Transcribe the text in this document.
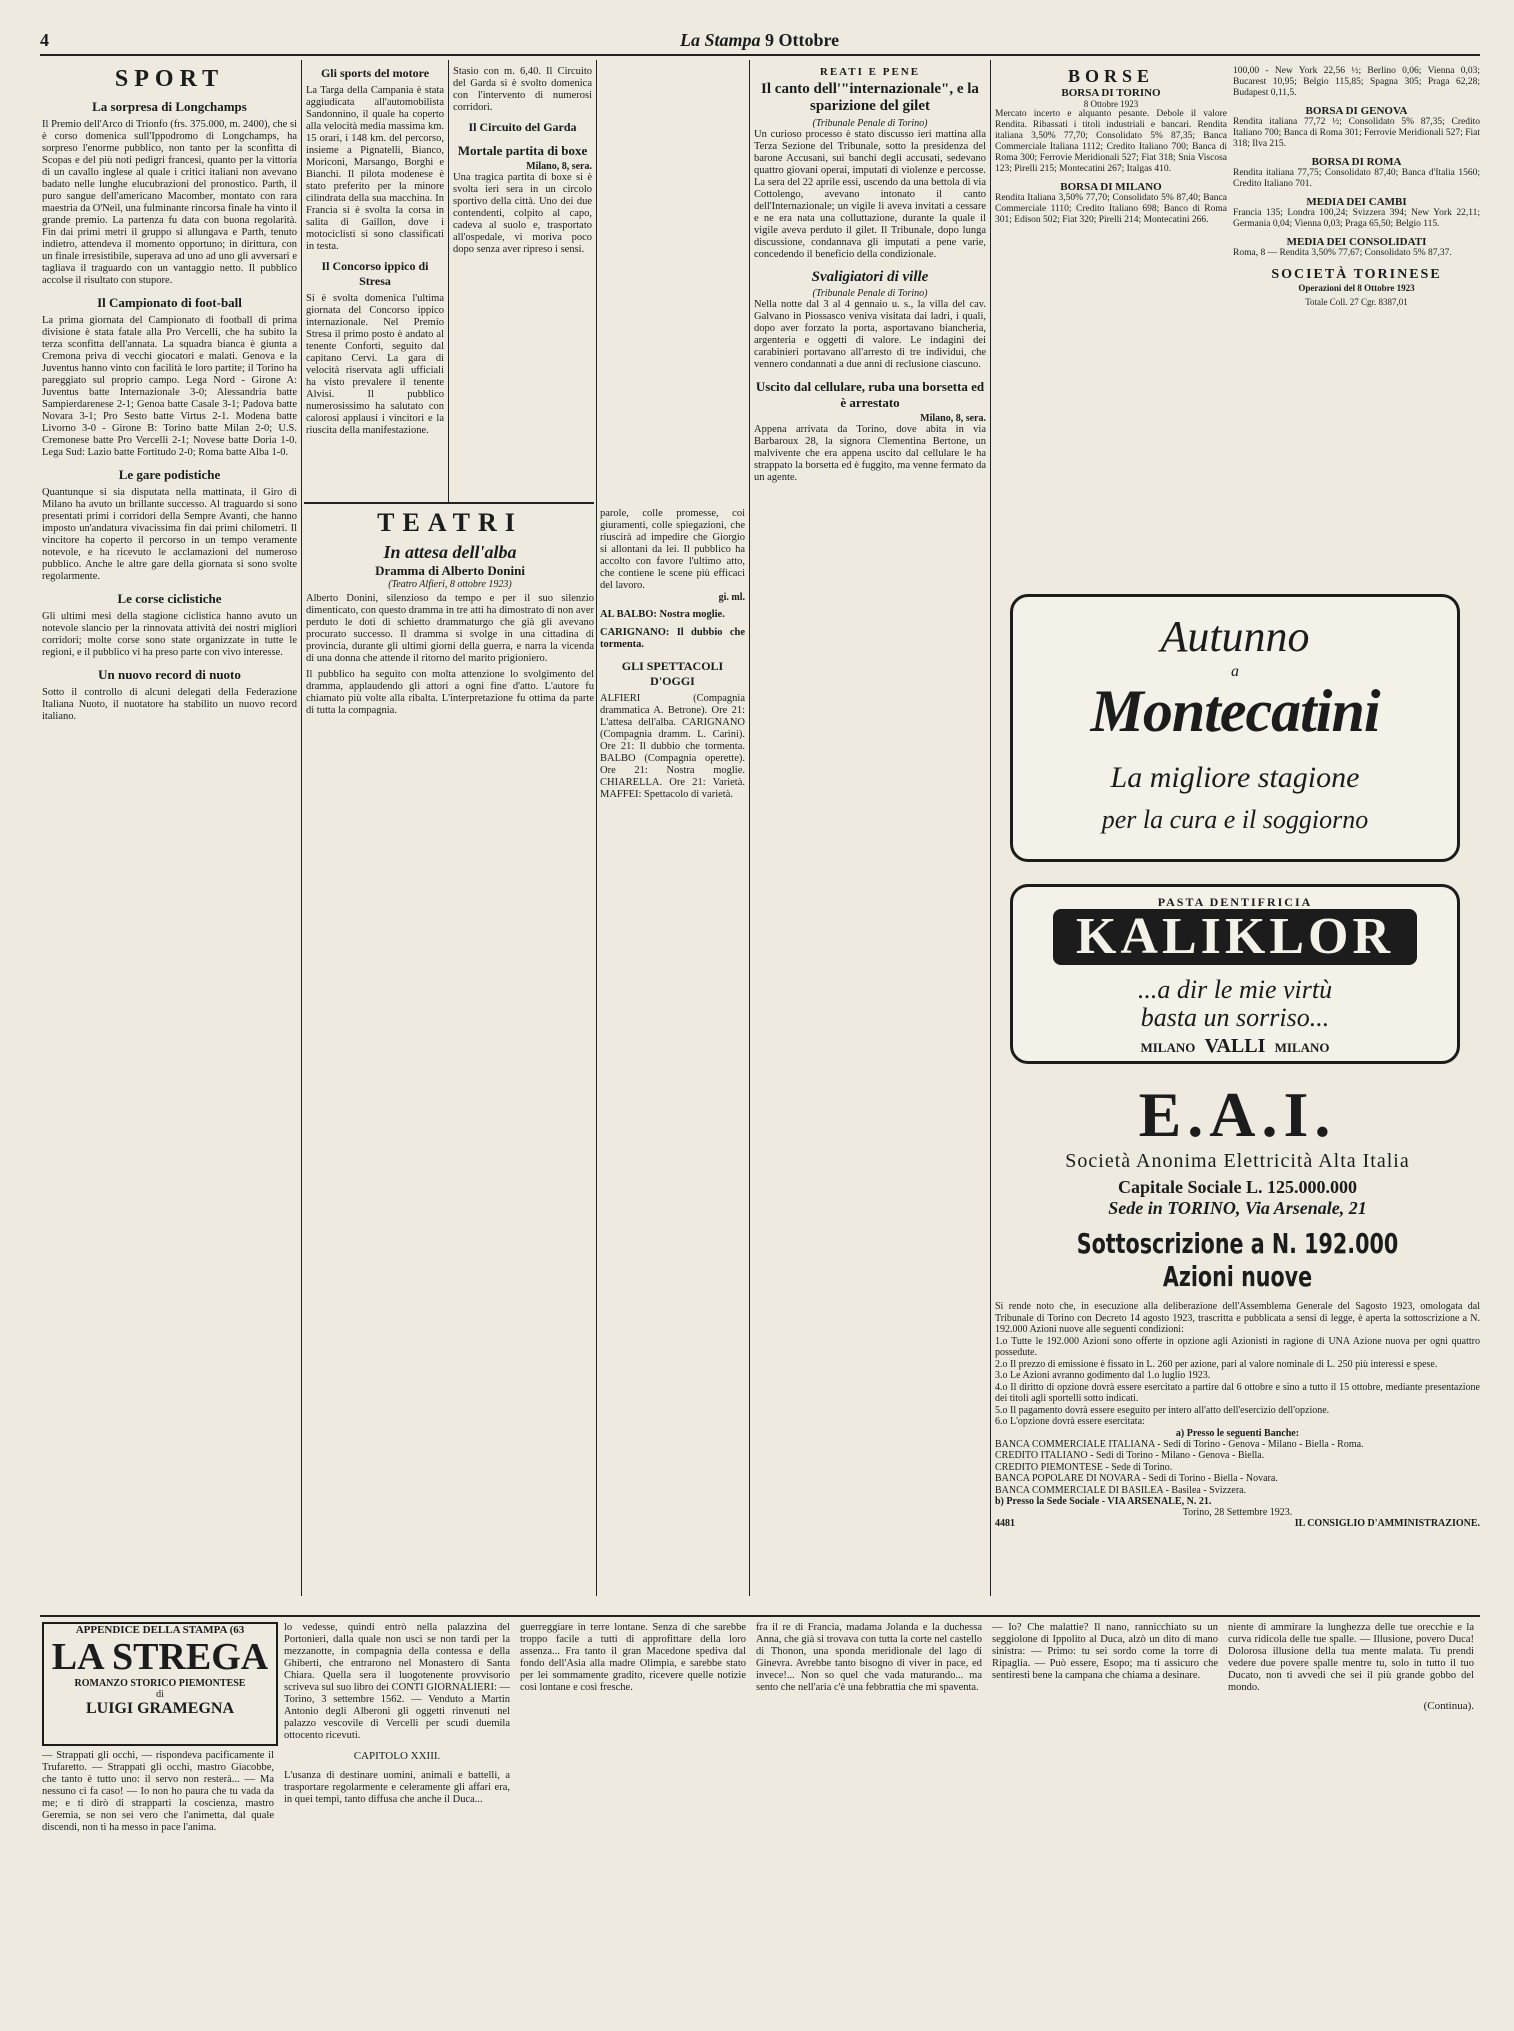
4	La Stampa 9 Ottobre
SPORT
La sorpresa di Longchamps
Il Premio dell'Arco di Trionfo (frs. 375.000, m. 2400), che si è corso domenica sull'Ippodromo di Longchamps, ha sorpreso l'enorme pubblico, non tanto per la sconfitta di Scopas e del più noti pedigri francesi, quanto per la vittoria di un cavallo inglese al quale i critici italiani non avevano badato nelle lunghe elucubrazioni del pronostico. Parth, il puro sangue dell'americano Macomber, montato con rara maestria da O'Neil, una fulminante rincorsa finale ha vinto il grande premio. La partenza fu data con buona regolarità. Fin dai primi metri il gruppo si allungava e Parth, tenuto indietro, attendeva il momento opportuno; in dirittura, con un finale irresistibile, superava ad uno ad uno gli avversari e tagliava il traguardo con un vantaggio netto. Il pubblico accolse il risultato con stupore.
Il Campionato di foot-ball
La prima giornata del Campionato di football di prima divisione è stata fatale alla Pro Vercelli, che ha subito la terza sconfitta dell'annata. La squadra bianca è giunta a Cremona priva di vecchi giocatori e malati. Genova e la Juventus hanno vinto con facilità le loro partite; il Torino ha pareggiato sul proprio campo. Lega Nord - Girone A: Juventus batte Internazionale 3-0; Alessandria batte Sampierdarenese 2-1; Genoa batte Casale 3-1; Padova batte Novara 3-1; Pro Sesto batte Virtus 2-1. Modena batte Livorno 3-0 - Girone B: Torino batte Milan 2-0; U.S. Cremonese batte Pro Vercelli 2-1; Novese batte Doria 1-0. Lega Sud: Lazio batte Fortitudo 2-0; Roma batte Alba 1-0.
Le gare podistiche
Quantunque si sia disputata nella mattinata, il Giro di Milano ha avuto un brillante successo. Al traguardo si sono presentati primi i corridori della Sempre Avanti, che hanno imposto un'andatura vivacissima fin dai primi chilometri. Il vincitore ha coperto il percorso in un tempo veramente notevole, e ha ricevuto le acclamazioni del numeroso pubblico. Anche le altre gare della giornata si sono svolte regolarmente.
Le corse ciclistiche
Gli ultimi mesi della stagione ciclistica hanno avuto un notevole slancio per la rinnovata attività dei nostri migliori corridori; molte corse sono state organizzate in tutte le regioni, e il pubblico vi ha preso parte con vivo interesse.
Un nuovo record di nuoto
Sotto il controllo di alcuni delegati della Federazione Italiana Nuoto, il nuotatore ha stabilito un nuovo record italiano.
Gli sports del motore
La Targa della Campania è stata aggiudicata all'automobilista Sandonnino, il quale ha coperto alla velocità media massima km. 15 orari, i 148 km. del percorso, insieme a Pignatelli, Bianco, Moriconi, Marsango, Borghi e Bianchi. Il pilota modenese è stato preferito per la minore cilindrata della sua macchina. In Francia si è svolta la corsa in salita di Gaillon, dove i motociclisti si sono classificati in testa.
Il Concorso ippico di Stresa
Si è svolta domenica l'ultima giornata del Concorso ippico internazionale. Nel Premio Stresa il primo posto è andato al tenente Conforti, seguito dal capitano Cervi. La gara di velocità riservata agli ufficiali ha visto prevalere il tenente Alvisi. Il pubblico numerosissimo ha salutato con calorosi applausi i vincitori e la riuscita della manifestazione.
Stasio con m. 6,40. Il Circuito del Garda si è svolto domenica con l'intervento di numerosi corridori.
Il Circuito del Garda
Mortale partita di boxe
Milano, 8, sera.
Una tragica partita di boxe si è svolta ieri sera in un circolo sportivo della città. Uno dei due contendenti, colpito al capo, cadeva al suolo e, trasportato all'ospedale, vi moriva poco dopo senza aver ripreso i sensi.
TEATRI
In attesa dell'alba
Dramma di Alberto Donini
(Teatro Alfieri, 8 ottobre 1923)
Alberto Donini, silenzioso da tempo e per il suo silenzio dimenticato, con questo dramma in tre atti ha dimostrato di non aver perduto le doti di schietto drammaturgo che già gli avevano procurato successo. Il dramma si svolge in una cittadina di provincia, durante gli ultimi giorni della guerra, e narra la vicenda di una donna che attende il ritorno del marito prigioniero.
Il pubblico ha seguito con molta attenzione lo svolgimento del dramma, applaudendo gli attori a ogni fine d'atto. L'autore fu chiamato più volte alla ribalta. L'interpretazione fu ottima da parte di tutta la compagnia.
parole, colle promesse, coi giuramenti, colle spiegazioni, che riuscirà ad impedire che Giorgio si allontani da lei. Il pubblico ha accolto con favore l'ultimo atto, che contiene le scene più efficaci del lavoro.
gi. ml.
AL BALBO: Nostra moglie.
CARIGNANO: Il dubbio che tormenta.
GLI SPETTACOLI D'OGGI
ALFIERI (Compagnia drammatica A. Betrone). Ore 21: L'attesa dell'alba. CARIGNANO (Compagnia dramm. L. Carini). Ore 21: Il dubbio che tormenta. BALBO (Compagnia operette). Ore 21: Nostra moglie. CHIARELLA. Ore 21: Varietà. MAFFEI: Spettacolo di varietà.
REATI E PENE
Il canto dell'"internazionale", e la sparizione del gilet
(Tribunale Penale di Torino)
Un curioso processo è stato discusso ieri mattina alla Terza Sezione del Tribunale, sotto la presidenza del barone Accusani, sui banchi degli accusati, sedevano quattro giovani operai, imputati di violenze e percosse. La sera del 22 aprile essi, uscendo da una bettola di via Cottolengo, avevano intonato il canto dell'Internazionale; un vigile li aveva invitati a cessare e ne era nata una colluttazione, durante la quale il vigile aveva perduto il gilet. Il Tribunale, dopo lunga discussione, condannava gli imputati a pene varie, concedendo il beneficio della condizionale.
Svaligiatori di ville
(Tribunale Penale di Torino)
Nella notte dal 3 al 4 gennaio u. s., la villa del cav. Galvano in Piossasco veniva visitata dai ladri, i quali, dopo aver forzato la porta, asportavano biancheria, argenteria e oggetti di valore. Le indagini dei carabinieri portavano all'arresto di tre individui, che vennero condannati a due anni di reclusione ciascuno.
Uscito dal cellulare, ruba una borsetta ed è arrestato
Milano, 8, sera.
Appena arrivata da Torino, dove abita in via Barbaroux 28, la signora Clementina Bertone, un malvivente che era appena uscito dal cellulare le ha strappato la borsetta ed è fuggito, ma venne fermato da un agente.
BORSE
BORSA DI TORINO
8 Ottobre 1923
Mercato incerto e alquanto pesante. Debole il valore Rendita. Ribassati i titoli industriali e bancari. Rendita italiana 3,50% 77,70; Consolidato 5% 87,35; Banca Commerciale Italiana 1112; Credito Italiano 700; Banca di Roma 300; Ferrovie Meridionali 527; Fiat 318; Snia Viscosa 123; Pirelli 215; Montecatini 267; Italgas 410.
BORSA DI MILANO
Rendita Italiana 3,50% 77,70; Consolidato 5% 87,40; Banca Commerciale 1110; Credito Italiano 698; Banco di Roma 301; Edison 502; Fiat 320; Pirelli 214; Montecatini 266.
100,00 - New York 22,56 ½; Berlino 0,06; Vienna 0,03; Bucarest 10,95; Belgio 115,85; Spagna 305; Praga 62,28; Budapest 0,11,5.
BORSA DI GENOVA
Rendita italiana 77,72 ½; Consolidato 5% 87,35; Credito Italiano 700; Banca di Roma 301; Ferrovie Meridionali 527; Fiat 318; Ilva 215.
BORSA DI ROMA
Rendita italiana 77,75; Consolidato 87,40; Banca d'Italia 1560; Credito Italiano 701.
MEDIA DEI CAMBI
Francia 135; Londra 100,24; Svizzera 394; New York 22,11; Germania 0,04; Vienna 0,03; Praga 65,50; Belgio 115.
MEDIA DEI CONSOLIDATI
Roma, 8 — Rendita 3,50% 77,67; Consolidato 5% 87,37.
SOCIETÀ TORINESE
Operazioni del 8 Ottobre 1923
Totale Coll. 27 Cgr. 8387,01
Autunno
a
Montecatini
La migliore stagione
per la cura e il soggiorno
PASTA DENTIFRICIA
KALIKLOR
...a dir le mie virtù
basta un sorriso...
MILANO VALLI MILANO
E.A.I.
Società Anonima Elettricità Alta Italia
Capitale Sociale L. 125.000.000
Sede in TORINO, Via Arsenale, 21
Sottoscrizione a N. 192.000 Azioni nuove
Si rende noto che, in esecuzione alla deliberazione dell'Assemblema Generale del Sagosto 1923, omologata dal Tribunale di Torino con Decreto 14 agosto 1923, trascritta e pubblicata a sensi di legge, è aperta la sottoscrizione a N. 192.000 Azioni nuove alle seguenti condizioni:
1.o Tutte le 192.000 Azioni sono offerte in opzione agli Azionisti in ragione di UNA Azione nuova per ogni quattro possedute.
2.o Il prezzo di emissione è fissato in L. 260 per azione, pari al valore nominale di L. 250 più interessi e spese.
3.o Le Azioni avranno godimento dal 1.o luglio 1923.
4.o Il diritto di opzione dovrà essere esercitato a partire dal 6 ottobre e sino a tutto il 15 ottobre, mediante presentazione dei titoli agli sportelli sotto indicati.
5.o Il pagamento dovrà essere eseguito per intero all'atto dell'esercizio dell'opzione.
6.o L'opzione dovrà essere esercitata:
a) Presso le seguenti Banche:
BANCA COMMERCIALE ITALIANA - Sedi di Torino - Genova - Milano - Biella - Roma.
CREDITO ITALIANO - Sedi di Torino - Milano - Genova - Biella.
CREDITO PIEMONTESE - Sede di Torino.
BANCA POPOLARE DI NOVARA - Sedi di Torino - Biella - Novara.
BANCA COMMERCIALE DI BASILEA - Basilea - Svizzera.
b) Presso la Sede Sociale - VIA ARSENALE, N. 21.
Torino, 28 Settembre 1923.
4481	IL CONSIGLIO D'AMMINISTRAZIONE.
APPENDICE DELLA STAMPA (63
LA STREGA
ROMANZO STORICO PIEMONTESE
di
LUIGI GRAMEGNA
— Strappati gli occhi, — rispondeva pacificamente il Trufaretto. — Strappati gli occhi, mastro Giacobbe, che tanto è tutto uno: il servo non resterà... — Ma nessuno ci fa caso! — Io non ho paura che tu vada da me; e ti dirò di strapparti la coscienza, mastro Geremia, se non sei vero che l'animetta, dal quale discendi, non ti ha messo in pace l'anima.
lo vedesse, quindi entrò nella palazzina del Portonieri, dalla quale non uscì se non tardi per la mezzanotte, in compagnia della contessa e della Ghiberti, che entrarono nel Monastero di Santa Chiara. Quella sera il luogotenente provvisorio scriveva sul suo libro dei CONTI GIORNALIERI: — Torino, 3 settembre 1562. — Venduto a Martin Antonio degli Alberoni gli oggetti rinvenuti nel palazzo vescovile di Vercelli per scudi duemila ottocento ricevuti.
CAPITOLO XXIII.
L'usanza di destinare uomini, animali e battelli, a trasportare regolarmente e celeramente gli affari era, in quei tempi, tanto diffusa che anche il Duca...
guerreggiare in terre lontane. Senza di che sarebbe troppo facile a tutti di approfittare della loro assenza... Fra tanto il gran Macedone spediva dal fondo dell'Asia alla madre Olimpia, e sarebbe stato per lei sommamente gradito, ricevere quelle notizie così lontane e così fresche.
fra il re di Francia, madama Jolanda e la duchessa Anna, che già si trovava con tutta la corte nel castello di Thonon, una sponda meridionale del lago di Ginevra. Avrebbe tanto bisogno di viver in pace, ed invece!... Non so quel che vada maturando... ma sento che nell'aria c'è una febbrattia che mi spaventa.
— Io? Che malattie? Il nano, rannicchiato su un seggiolone di Ippolito al Duca, alzò un dito di mano sinistra: — Primo: tu sei sordo come la torre di Ripaglia. — Può essere, Esopo; ma ti assicuro che sentiresti bene la campana che chiama a desinare.
niente di ammirare la lunghezza delle tue orecchie e la curva ridicola delle tue spalle. — Illusione, povero Duca! Dolorosa illusione della tua mente malata. Tu prendi vedere due povere spalle mentre tu, solo in tutto il tuo Ducato, non ti avvedi che sei il più grande gobbo del mondo.
(Continua).
